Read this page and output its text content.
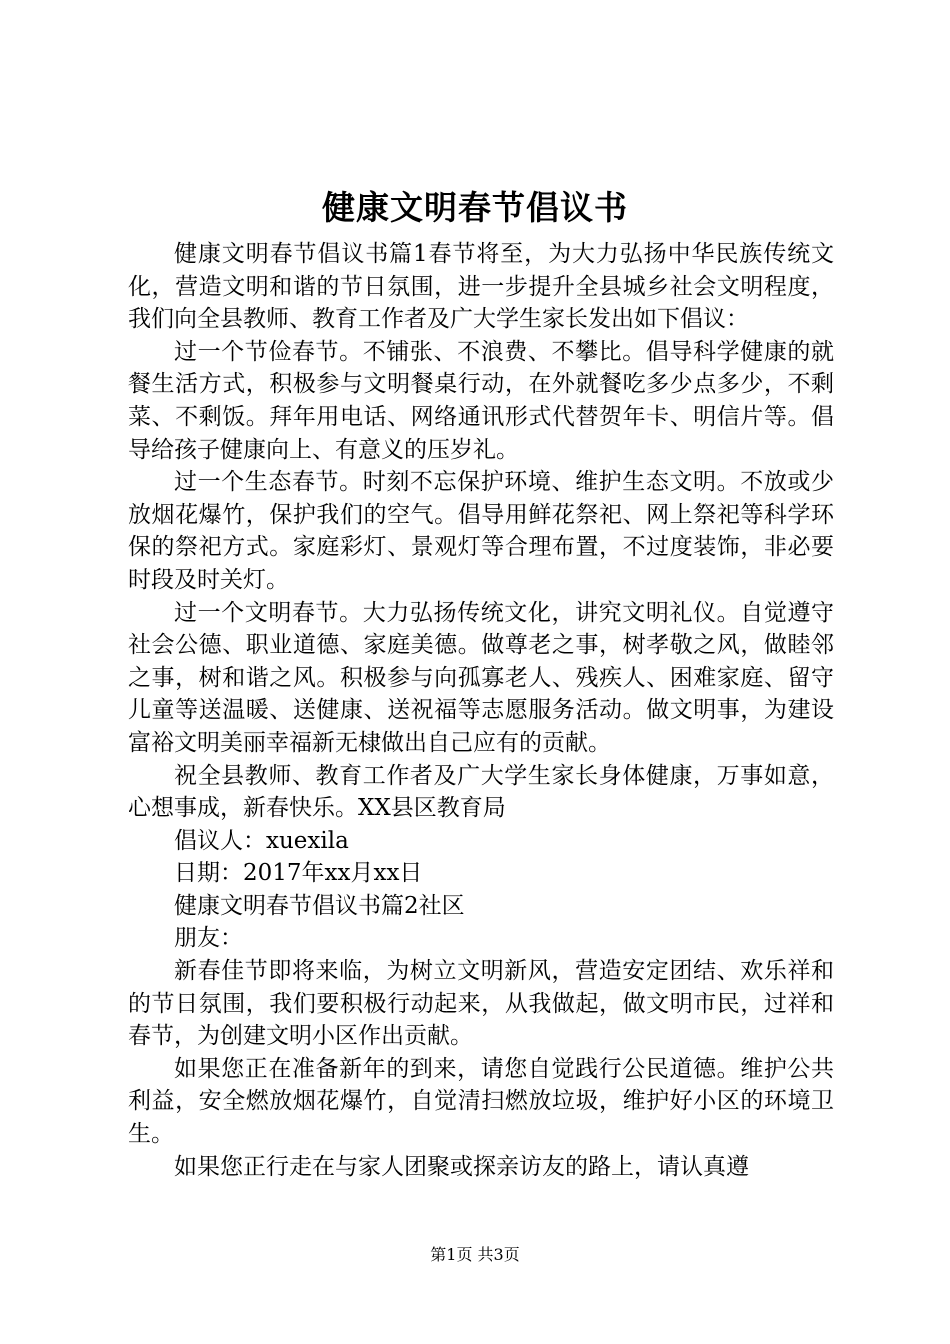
健康文明春节倡议书

健康文明春节倡议书篇1春节将至，为大力弘扬中华民族传统文化，营造文明和谐的节日氛围，进一步提升全县城乡社会文明程度，我们向全县教师、教育工作者及广大学生家长发出如下倡议：

过一个节俭春节。不铺张、不浪费、不攀比。倡导科学健康的就餐生活方式，积极参与文明餐桌行动，在外就餐吃多少点多少，不剩菜、不剩饭。拜年用电话、网络通讯形式代替贺年卡、明信片等。倡导给孩子健康向上、有意义的压岁礼。

过一个生态春节。时刻不忘保护环境、维护生态文明。不放或少放烟花爆竹，保护我们的空气。倡导用鲜花祭祀、网上祭祀等科学环保的祭祀方式。家庭彩灯、景观灯等合理布置，不过度装饰，非必要时段及时关灯。

过一个文明春节。大力弘扬传统文化，讲究文明礼仪。自觉遵守社会公德、职业道德、家庭美德。做尊老之事，树孝敬之风，做睦邻之事，树和谐之风。积极参与向孤寡老人、残疾人、困难家庭、留守儿童等送温暖、送健康、送祝福等志愿服务活动。做文明事，为建设富裕文明美丽幸福新无棣做出自己应有的贡献。

祝全县教师、教育工作者及广大学生家长身体健康，万事如意，心想事成，新春快乐。XX县区教育局

倡议人：xuexila

日期：2017年xx月xx日

健康文明春节倡议书篇2社区

朋友：

新春佳节即将来临，为树立文明新风，营造安定团结、欢乐祥和的节日氛围，我们要积极行动起来，从我做起，做文明市民，过祥和春节，为创建文明小区作出贡献。

如果您正在准备新年的到来，请您自觉践行公民道德。维护公共利益，安全燃放烟花爆竹，自觉清扫燃放垃圾，维护好小区的环境卫生。

如果您正行走在与家人团聚或探亲访友的路上，请认真遵

第1页 共3页
